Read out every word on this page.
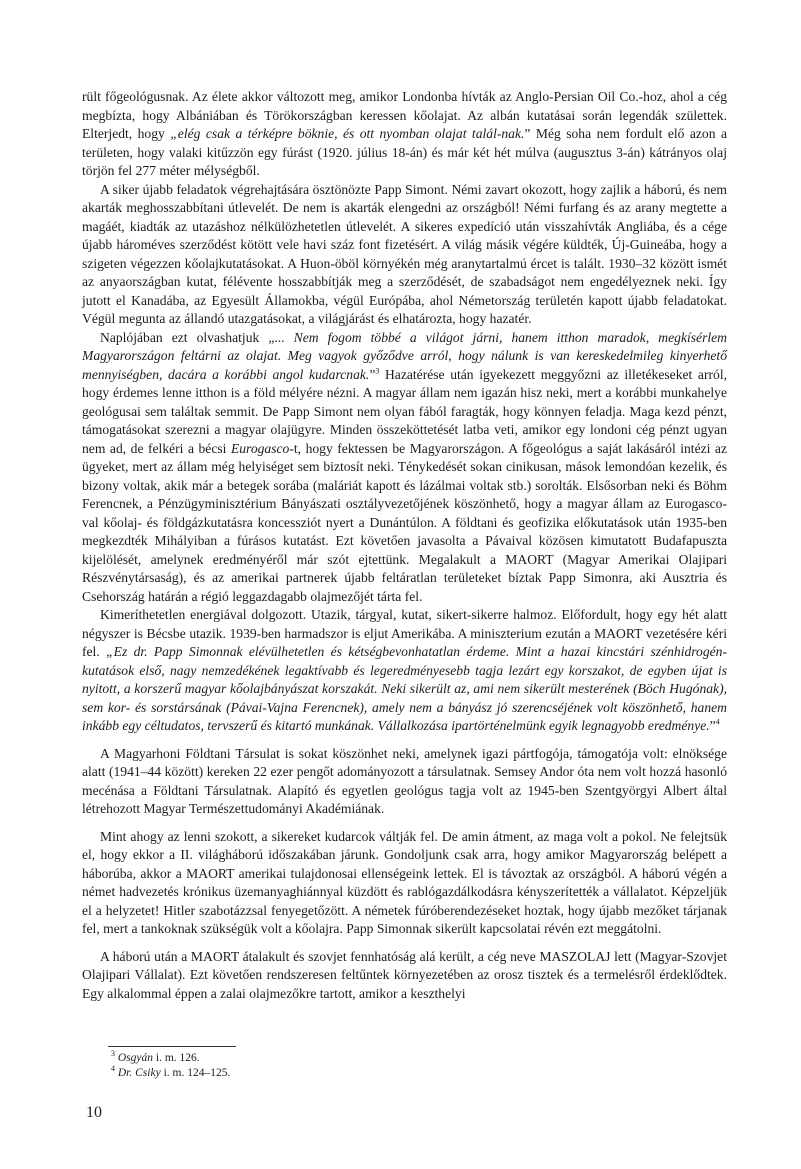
rült főgeológusnak. Az élete akkor változott meg, amikor Londonba hívták az Anglo-Persian Oil Co.-hoz, ahol a cég megbízta, hogy Albániában és Törökországban keressen kőolajat. Az albán kutatásai során legendák születtek. Elterjedt, hogy „elég csak a térképre böknie, és ott nyomban olajat talál-nak.” Még soha nem fordult elő azon a területen, hogy valaki kitűzzön egy fúrást (1920. július 18-án) és már két hét múlva (augusztus 3-án) kátrányos olaj törjön fel 277 méter mélységből.

A siker újabb feladatok végrehajtására ösztönözte Papp Simont. Némi zavart okozott, hogy zajlik a háború, és nem akarták meghosszabbítani útlevelét. De nem is akarták elengedni az országból! Némi furfang és az arany megtette a magáét, kiadták az utazáshoz nélkülözhetetlen útlevelét. A sikeres expedíció után visszahívták Angliába, és a cége újabb hároméves szerződést kötött vele havi száz font fizetésért. A világ másik végére küldték, Új-Guineába, hogy a szigeten végezzen kőolajkutatásokat. A Huon-öböl környékén még aranytartalmú ércet is talált. 1930–32 között ismét az anyaországban kutat, félévente hosszabbítják meg a szerződését, de szabadságot nem engedélyeznek neki. Így jutott el Kanadába, az Egyesült Államokba, végül Európába, ahol Németország területén kapott újabb feladatokat. Végül megunta az állandó utazgatásokat, a világjárást és elhatározta, hogy hazatér.

Naplójában ezt olvashatjuk „... Nem fogom többé a világot járni, hanem itthon maradok, megkísérlem Magyarországon feltárni az olajat. Meg vagyok győződve arról, hogy nálunk is van kereskedelmileg kinyerhető mennyiségben, dacára a korábbi angol kudarcnak.”$^3$ Hazatérése után igyekezett meggyőzni az illetékeseket arról, hogy érdemes lenne itthon is a föld mélyére nézni. A magyar állam nem igazán hisz neki, mert a korábbi munkahelye geológusai sem találtak semmit. De Papp Simont nem olyan fából faragták, hogy könnyen feladja. Maga kezd pénzt, támogatásokat szerezni a magyar olajügyre. Minden összeköttetését latba veti, amikor egy londoni cég pénzt ugyan nem ad, de felkéri a bécsi Eurogasco-t, hogy fektessen be Magyarországon. A főgeológus a saját lakásáról intézi az ügyeket, mert az állam még helyiséget sem biztosít neki. Ténykedését sokan cinikusan, mások lemondóan kezelik, és bizony voltak, akik már a betegek sorába (maláriát kapott és lázálmai voltak stb.) sorolták. Elsősorban neki és Böhm Ferencnek, a Pénzügyminisztérium Bányászati osztályvezetőjének köszönhető, hogy a magyar állam az Eurogasco-val kőolaj- és földgázkutatásra koncessziót nyert a Dunántúlon. A földtani és geofizika előkutatások után 1935-ben megkezdték Mihályiban a fúrásos kutatást. Ezt követően javasolta a Pávaival közösen kimutatott Budafapuszta kijelölését, amelynek eredményéről már szót ejtettünk. Megalakult a MAORT (Magyar Amerikai Olajipari Részvénytársaság), és az amerikai partnerek újabb feltáratlan területeket bíztak Papp Simonra, aki Ausztria és Csehország határán a régió leggazdagabb olajmezőjét tárta fel.

Kimeríthetetlen energiával dolgozott. Utazik, tárgyal, kutat, sikert-sikerre halmoz. Előfordult, hogy egy hét alatt négyszer is Bécsbe utazik. 1939-ben harmadszor is eljut Amerikába. A miniszterium ezután a MAORT vezetésére kéri fel. „Ez dr. Papp Simonnak elévülhetetlen és kétségbevonhatatlan érdeme. Mint a hazai kincstári szénhidrogén-kutatások első, nagy nemzedékének legaktívabb és legeredményesebb tagja lezárt egy korszakot, de egyben újat is nyitott, a korszerű magyar kőolajbányászat korszakát. Neki sikerült az, ami nem sikerült mesterének (Böch Hugónak), sem kor- és sorstársának (Pávai-Vajna Ferencnek), amely nem a bányász jó szerencséjének volt köszönhető, hanem inkább egy céltudatos, tervszerű és kitartó munkának. Vállalkozása ipartörténelmünk egyik legnagyobb eredménye.”$^4$

A Magyarhoni Földtani Társulat is sokat köszönhet neki, amelynek igazi pártfogója, támogatója volt: elnöksége alatt (1941–44 között) kereken 22 ezer pengőt adományozott a társulatnak. Semsey Andor óta nem volt hozzá hasonló mecénása a Földtani Társulatnak. Alapító és egyetlen geológus tagja volt az 1945-ben Szentgyörgyi Albert által létrehozott Magyar Természettudományi Akadémiának.

Mint ahogy az lenni szokott, a sikereket kudarcok váltják fel. De amin átment, az maga volt a pokol. Ne felejtsük el, hogy ekkor a II. világháború időszakában járunk. Gondoljunk csak arra, hogy amikor Magyarország belépett a háborúba, akkor a MAORT amerikai tulajdonosai ellenségeink lettek. El is távoztak az országból. A háború végén a német hadvezetés krónikus üzemanyaghiánnyal küzdött és rablógazdálkodásra kényszerítették a vállalatot. Képzeljük el a helyzetet! Hitler szabotázzsal fenyegetőzött. A németek fúróberendezéseket hoztak, hogy újabb mezőket tárjanak fel, mert a tankoknak szükségük volt a kőolajra. Papp Simonnak sikerült kapcsolatai révén ezt meggátolni.

A háború után a MAORT átalakult és szovjet fennhatóság alá került, a cég neve MASZOLAJ lett (Magyar-Szovjet Olajipari Vállalat). Ezt követően rendszeresen feltűntek környezetében az orosz tisztek és a termelésről érdeklődtek. Egy alkalommal éppen a zalai olajmezőkre tartott, amikor a keszthelyi

$^3$ Osgyán i. m. 126.
$^4$ Dr. Csiky i. m. 124–125.
10
